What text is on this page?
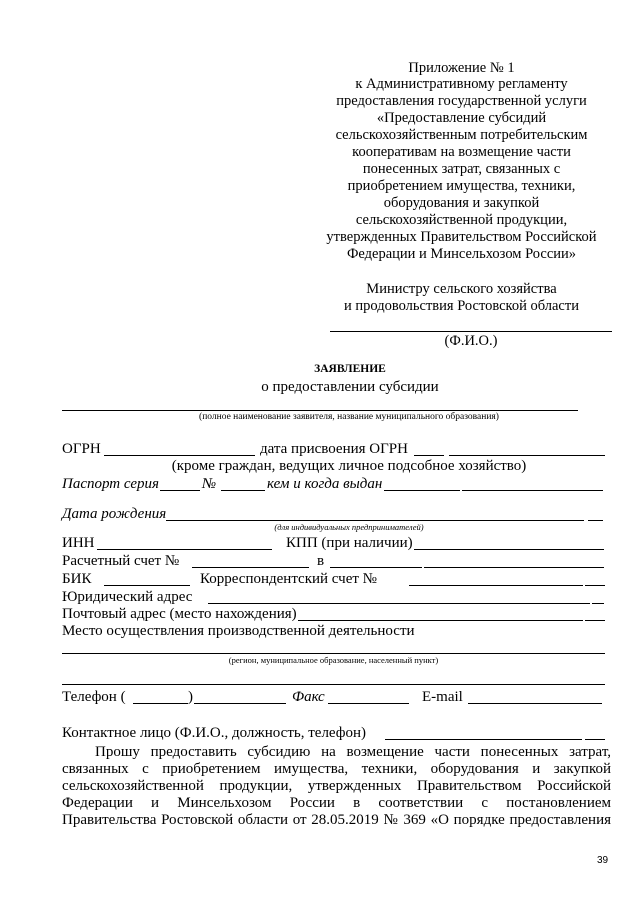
Приложение № 1
к Административному регламенту
предоставления государственной услуги
«Предоставление субсидий
сельскохозяйственным потребительским
кооперативам на возмещение части
понесенных затрат, связанных с
приобретением имущества, техники,
оборудования и закупкой
сельскохозяйственной продукции,
утвержденных Правительством Российской
Федерации и Минсельхозом России»
Министру сельского хозяйства
и продовольствия Ростовской области
(Ф.И.О.)
ЗАЯВЛЕНИЕ
о предоставлении субсидии
(полное наименование заявителя, название муниципального образования)
ОГРН	дата присвоения ОГРН
(кроме граждан, ведущих личное подсобное хозяйство)
Паспорт серия	№	кем и когда выдан
Дата рождения
(для индивидуальных предпринимателей)
ИНН	КПП (при наличии)
Расчетный счет №	в
БИК	Корреспондентский счет №
Юридический адрес
Почтовый адрес (место нахождения)
Место осуществления производственной деятельности
(регион, муниципальное образование, населенный пункт)
Телефон (	)	Факс	E-mail
Контактное лицо (Ф.И.О., должность, телефон)
Прошу предоставить субсидию на возмещение части понесенных затрат,
связанных с приобретением имущества, техники, оборудования и закупкой
сельскохозяйственной продукции, утвержденных Правительством Российской
Федерации и Минсельхозом России в соответствии с постановлением
Правительства Ростовской области от 28.05.2019 № 369 «О порядке предоставления
39
